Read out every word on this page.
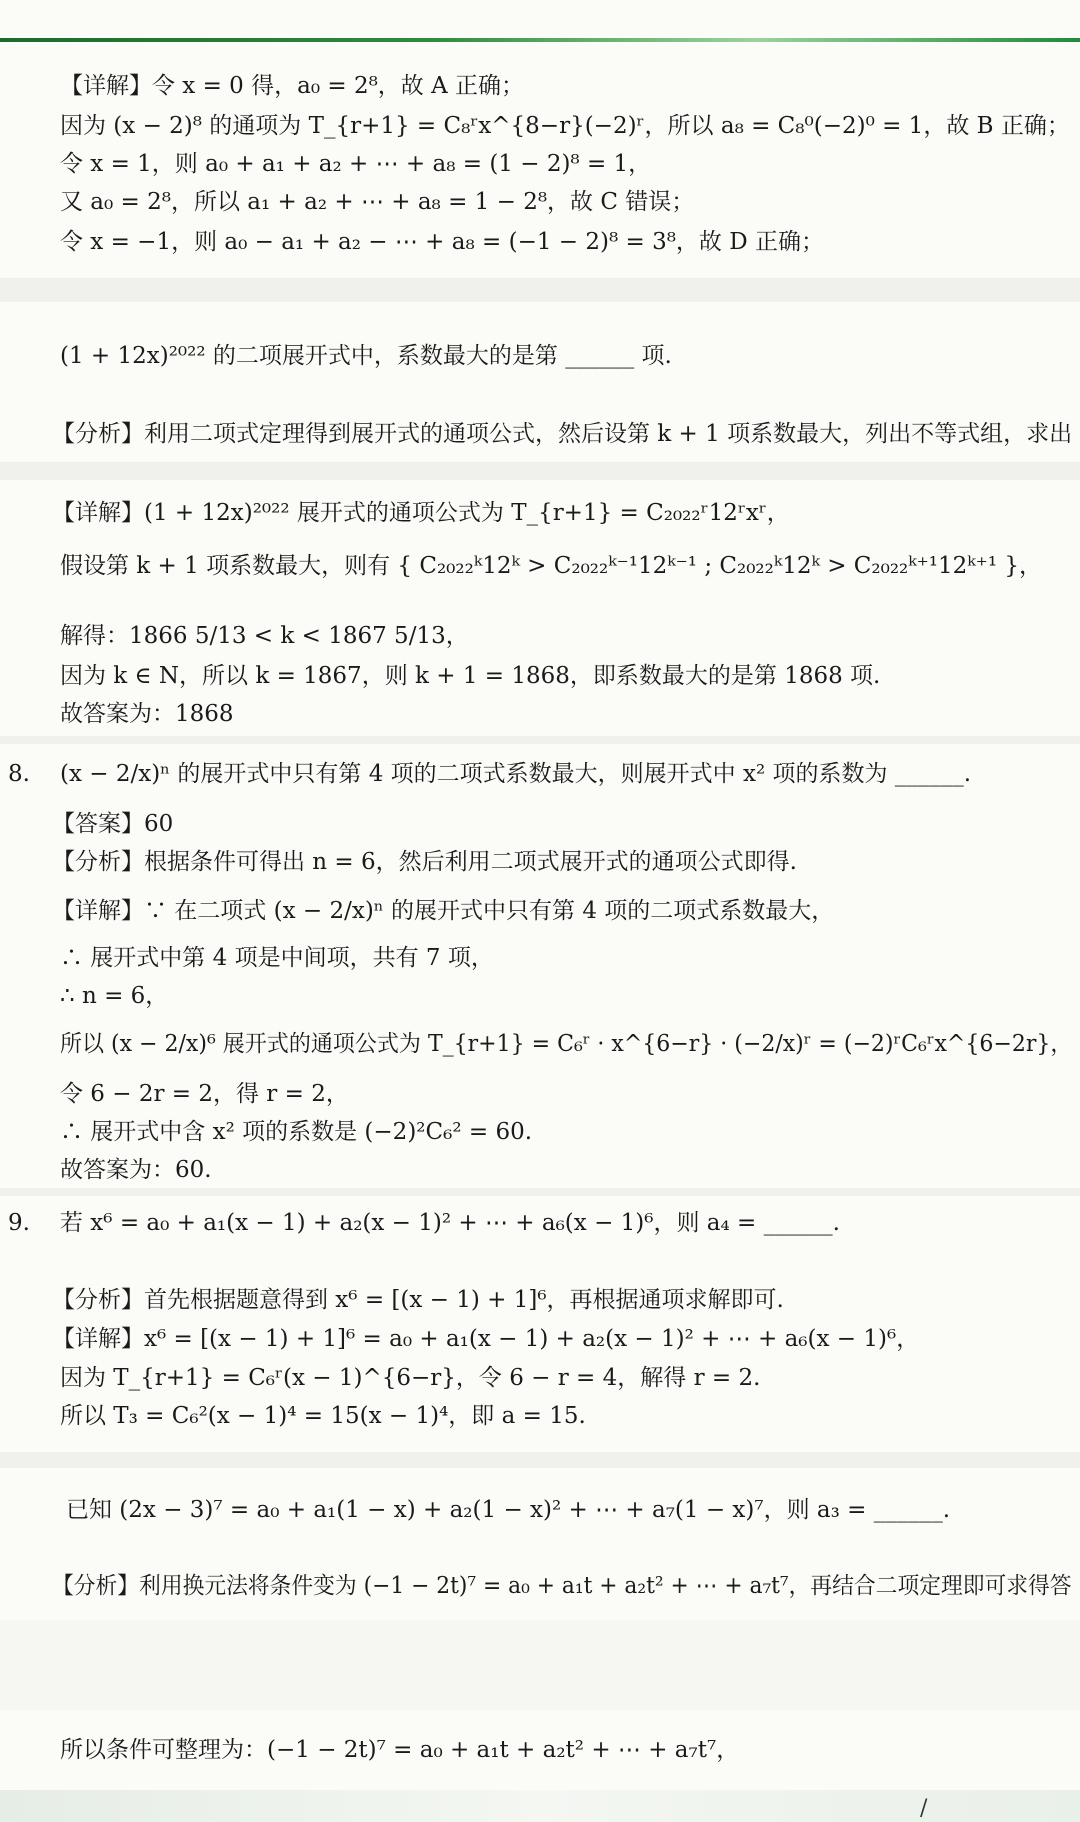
【详解】令 x = 0 得，a₀ = 2⁸，故 A 正确；
因为 (x − 2)⁸ 的通项为 T_{r+1} = C₈ʳx^{8−r}(−2)ʳ，所以 a₈ = C₈⁰(−2)⁰ = 1，故 B 正确；
令 x = 1，则 a₀ + a₁ + a₂ + ⋯ + a₈ = (1 − 2)⁸ = 1，
又 a₀ = 2⁸，所以 a₁ + a₂ + ⋯ + a₈ = 1 − 2⁸，故 C 错误；
令 x = −1，则 a₀ − a₁ + a₂ − ⋯ + a₈ = (−1 − 2)⁸ = 3⁸，故 D 正确；
(1 + 12x)²⁰²² 的二项展开式中，系数最大的是第 ______ 项.
【分析】利用二项式定理得到展开式的通项公式，然后设第 k + 1 项系数最大，列出不等式组，求出
【详解】(1 + 12x)²⁰²² 展开式的通项公式为 T_{r+1} = C₂₀₂₂ʳ12ʳxʳ，
假设第 k + 1 项系数最大，则有 { C₂₀₂₂ᵏ12ᵏ > C₂₀₂₂ᵏ⁻¹12ᵏ⁻¹ ; C₂₀₂₂ᵏ12ᵏ > C₂₀₂₂ᵏ⁺¹12ᵏ⁺¹ }，
解得：1866 5/13 < k < 1867 5/13，
因为 k ∈ N，所以 k = 1867，则 k + 1 = 1868，即系数最大的是第 1868 项.
故答案为：1868
(x − 2/x)ⁿ 的展开式中只有第 4 项的二项式系数最大，则展开式中 x² 项的系数为 ______.
【答案】60
【分析】根据条件可得出 n = 6，然后利用二项式展开式的通项公式即得.
【详解】∵ 在二项式 (x − 2/x)ⁿ 的展开式中只有第 4 项的二项式系数最大，
∴ 展开式中第 4 项是中间项，共有 7 项，
∴ n = 6，
所以 (x − 2/x)⁶ 展开式的通项公式为 T_{r+1} = C₆ʳ · x^{6−r} · (−2/x)ʳ = (−2)ʳC₆ʳx^{6−2r}，
令 6 − 2r = 2，得 r = 2，
∴ 展开式中含 x² 项的系数是 (−2)²C₆² = 60.
故答案为：60.
若 x⁶ = a₀ + a₁(x − 1) + a₂(x − 1)² + ⋯ + a₆(x − 1)⁶，则 a₄ = ______.
【分析】首先根据题意得到 x⁶ = [(x − 1) + 1]⁶，再根据通项求解即可.
【详解】x⁶ = [(x − 1) + 1]⁶ = a₀ + a₁(x − 1) + a₂(x − 1)² + ⋯ + a₆(x − 1)⁶，
因为 T_{r+1} = C₆ʳ(x − 1)^{6−r}，令 6 − r = 4，解得 r = 2.
所以 T₃ = C₆²(x − 1)⁴ = 15(x − 1)⁴，即 a = 15.
已知 (2x − 3)⁷ = a₀ + a₁(1 − x) + a₂(1 − x)² + ⋯ + a₇(1 − x)⁷，则 a₃ = ______.
【分析】利用换元法将条件变为 (−1 − 2t)⁷ = a₀ + a₁t + a₂t² + ⋯ + a₇t⁷，再结合二项定理即可求得答
所以条件可整理为：(−1 − 2t)⁷ = a₀ + a₁t + a₂t² + ⋯ + a₇t⁷，
8.
9.
/
